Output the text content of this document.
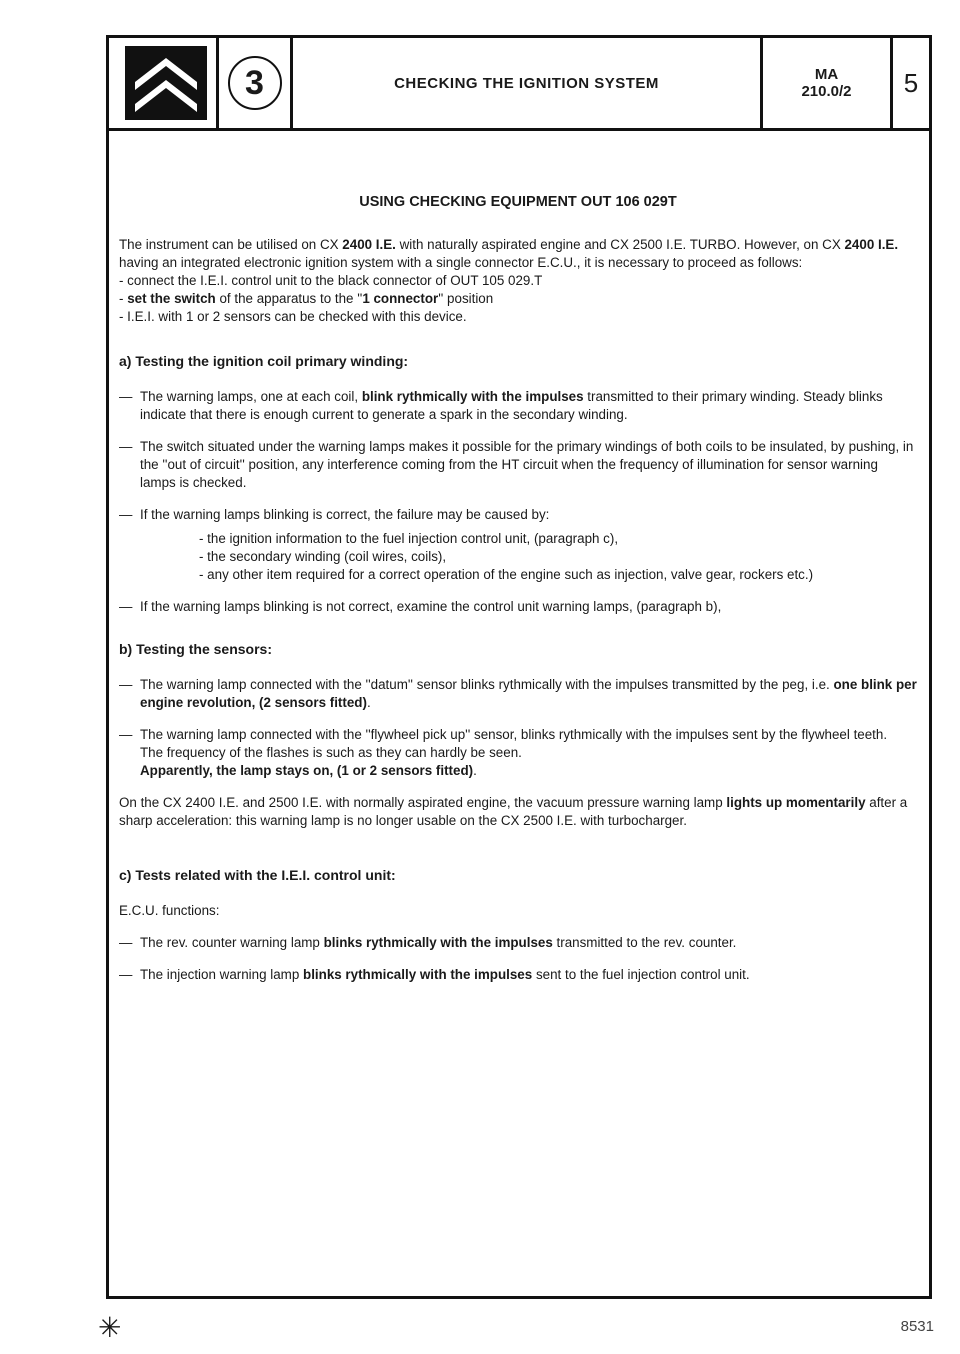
3	CHECKING THE IGNITION SYSTEM	MA
210.0/2	5

USING CHECKING EQUIPMENT OUT 106 029T

The instrument can be utilised on CX 2400 I.E. with naturally aspirated engine and CX 2500 I.E. TURBO. However, on CX 2400 I.E. having an integrated electronic ignition system with a single connector E.C.U., it is necessary to proceed as follows:

- connect the I.E.I. control unit to the black connector of OUT 105 029.T

- set the switch of the apparatus to the ''1 connector'' position

- I.E.I. with 1 or 2 sensors can be checked with this device.

a) Testing the ignition coil primary winding:

— The warning lamps, one at each coil, blink rythmically with the impulses transmitted to their primary winding. Steady blinks indicate that there is enough current to generate a spark in the secondary winding.
— The switch situated under the warning lamps makes it possible for the primary windings of both coils to be insulated, by pushing, in the ''out of circuit'' position, any interference coming from the HT circuit when the frequency of illumination for sensor warning lamps is checked.
— If the warning lamps blinking is correct, the failure may be caused by:

- the ignition information to the fuel injection control unit, (paragraph c),

- the secondary winding (coil wires, coils),

- any other item required for a correct operation of the engine such as injection, valve gear, rockers etc.)

— If the warning lamps blinking is not correct, examine the control unit warning lamps, (paragraph b),

b) Testing the sensors:

— The warning lamp connected with the ''datum'' sensor blinks rythmically with the impulses transmitted by the peg, i.e. one blink per engine revolution, (2 sensors fitted).
— The warning lamp connected with the ''flywheel pick up'' sensor, blinks rythmically with the impulses sent by the flywheel teeth.
The frequency of the flashes is such as they can hardly be seen.
Apparently, the lamp stays on, (1 or 2 sensors fitted).

On the CX 2400 I.E. and 2500 I.E. with normally aspirated engine, the vacuum pressure warning lamp lights up momentarily after a sharp acceleration: this warning lamp is no longer usable on the CX 2500 I.E. with turbocharger.

c) Tests related with the I.E.I. control unit:

E.C.U. functions:

— The rev. counter warning lamp blinks rythmically with the impulses transmitted to the rev. counter.
— The injection warning lamp blinks rythmically with the impulses sent to the fuel injection control unit.
✳	8531
